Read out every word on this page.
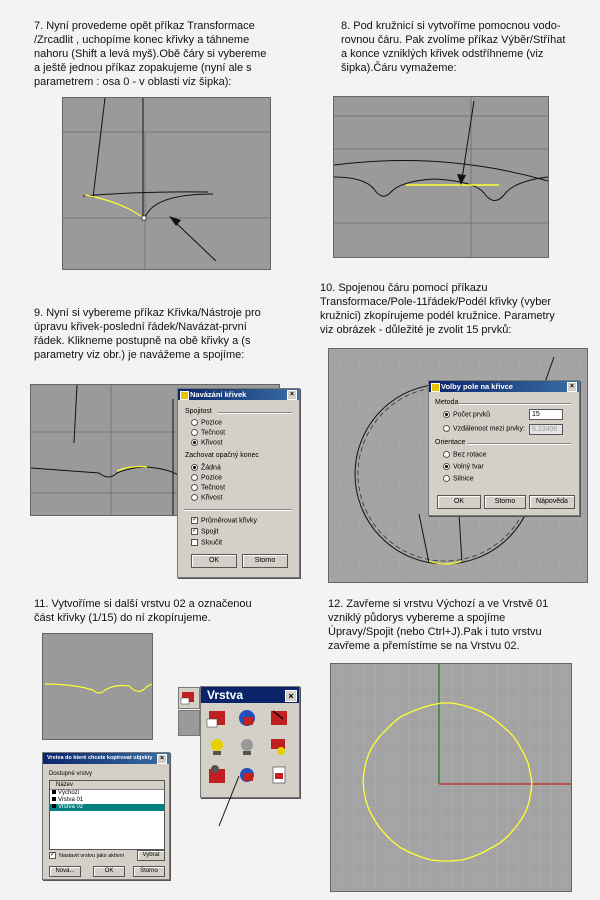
7. Nyní provedeme opět příkaz Transformace
/Zrcadlit , uchopíme konec křivky a táhneme
nahoru (Shift a levá myš).Obě čáry si vybereme
a ještě jednou příkaz zopakujeme (nyní ale s
parametrem : osa 0 - v oblasti viz šipka):
8. Pod kružnicí si vytvoříme pomocnou vodo-
rovnou čáru. Pak zvolíme příkaz Výběr/Stříhat
a konce vzniklých křivek odstříhneme (viz
šipka).Čáru vymažeme:
9. Nyní si vybereme příkaz Křivka/Nástroje pro
úpravu křivek-poslední řádek/Navázat-první
řádek. Klikneme postupně na obě křivky a (s
parametry viz obr.) je navážeme a spojíme:
Navázání křivek	×
Spojitost
Pozice
Tečnost
Křivost
Zachovat opačný konec
Žádná
Pozice
Tečnost
Křivost
✓ Průměrovat křivky
✓ Spojit
Sloučit
OK	Storno
10. Spojenou čáru pomocí příkazu
Transformace/Pole-11řádek/Podél křivky (vyber
kružnici) zkopírujeme podél kružnice. Parametry
viz obrázek - důležité je zvolit 15 prvků:
Volby pole na křivce	×
Metoda
Počet prvků	15
Vzdálenost mezi prvky:	6.23406
Orientace
Bez rotace
Volný tvar
Silnice
OK	Storno	Nápověda
11. Vytvoříme si další vrstvu 02 a označenou
část křivky (1/15) do ní zkopírujeme.
Vrstva	×
Vrstva do které chcete kopírovat objekty	×
Dostupné vrstvy
Název
Výchozí
Vrstva 01
Vrstva 02
✓ Nastavit vrstvu jako aktivní	Vybrat
Nová...	OK	Storno
12. Zavřeme si vrstvu Výchozí a ve Vrstvě 01
vzniklý půdorys vybereme a spojíme
Úpravy/Spojit (nebo Ctrl+J).Pak i tuto vrstvu
zavřeme a přemístíme se na Vrstvu 02.
